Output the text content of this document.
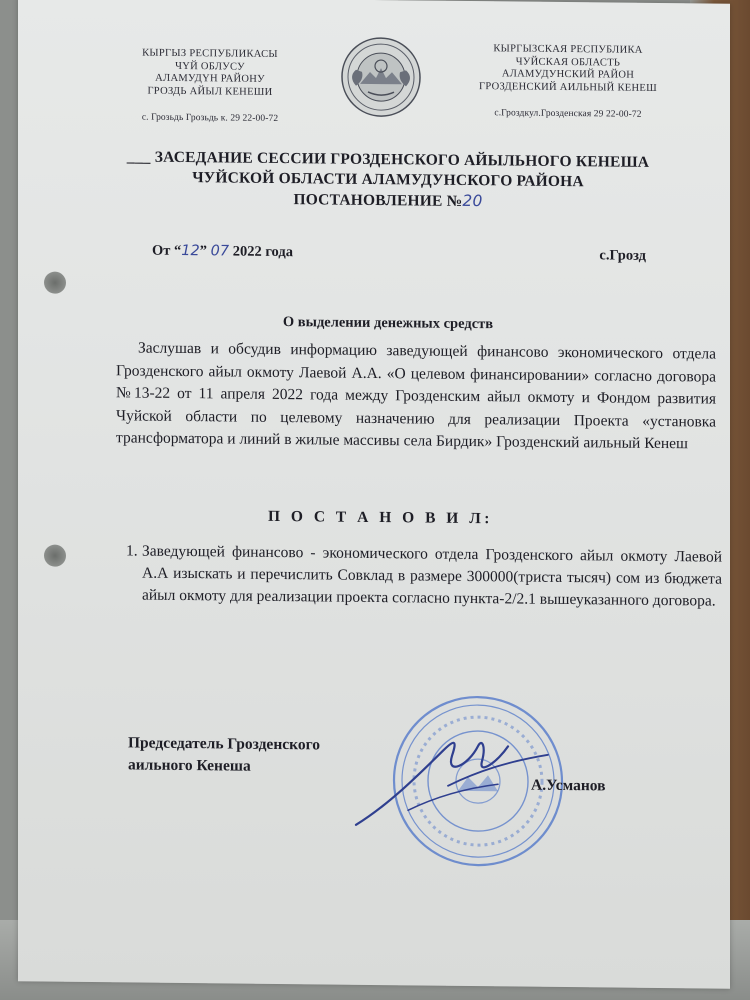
КЫРГЫЗ РЕСПУБЛИКАСЫ
ЧҮЙ ОБЛУСУ
АЛАМУДҮН РАЙОНУ
ГРОЗДЬ АЙЫЛ КЕНЕШИ
с. Грозьдь Грозьдь к. 29 22-00-72
КЫРГЫЗСКАЯ РЕСПУБЛИКА
ЧУЙСКАЯ ОБЛАСТЬ
АЛАМУДУНСКИЙ РАЙОН
ГРОЗДЕНСКИЙ АИЛЬНЫЙ КЕНЕШ
с.Гроздкул.Грозденская 29 22-00-72
___ ЗАСЕДАНИЕ СЕССИИ ГРОЗДЕНСКОГО АЙЫЛЬНОГО КЕНЕША
ЧУЙСКОЙ ОБЛАСТИ АЛАМУДУНСКОГО РАЙОНА
ПОСТАНОВЛЕНИЕ №20
От “12” 07 2022 года	с.Грозд
О выделении денежных средств
Заслушав и обсудив информацию заведующей финансово экономического отдела Грозденского айыл окмоту Лаевой А.А. «О целевом финансировании» согласно договора №13-22 от 11 апреля 2022 года между Грозденским айыл окмоту и Фондом развития Чуйской области по целевому назначению для реализации Проекта «установка трансформатора и линий в жилые массивы села Бирдик» Грозденский аильный Кенеш
П О С Т А Н О В И Л:
1. Заведующей финансово - экономического отдела Грозденского айыл окмоту Лаевой А.А изыскать и перечислить Совклад в размере 300000(триста тысяч) сом из бюджета айыл окмоту для реализации проекта согласно пункта-2/2.1 вышеуказанного договора.
Председатель Грозденского
аильного Кенеша
А.Усманов
